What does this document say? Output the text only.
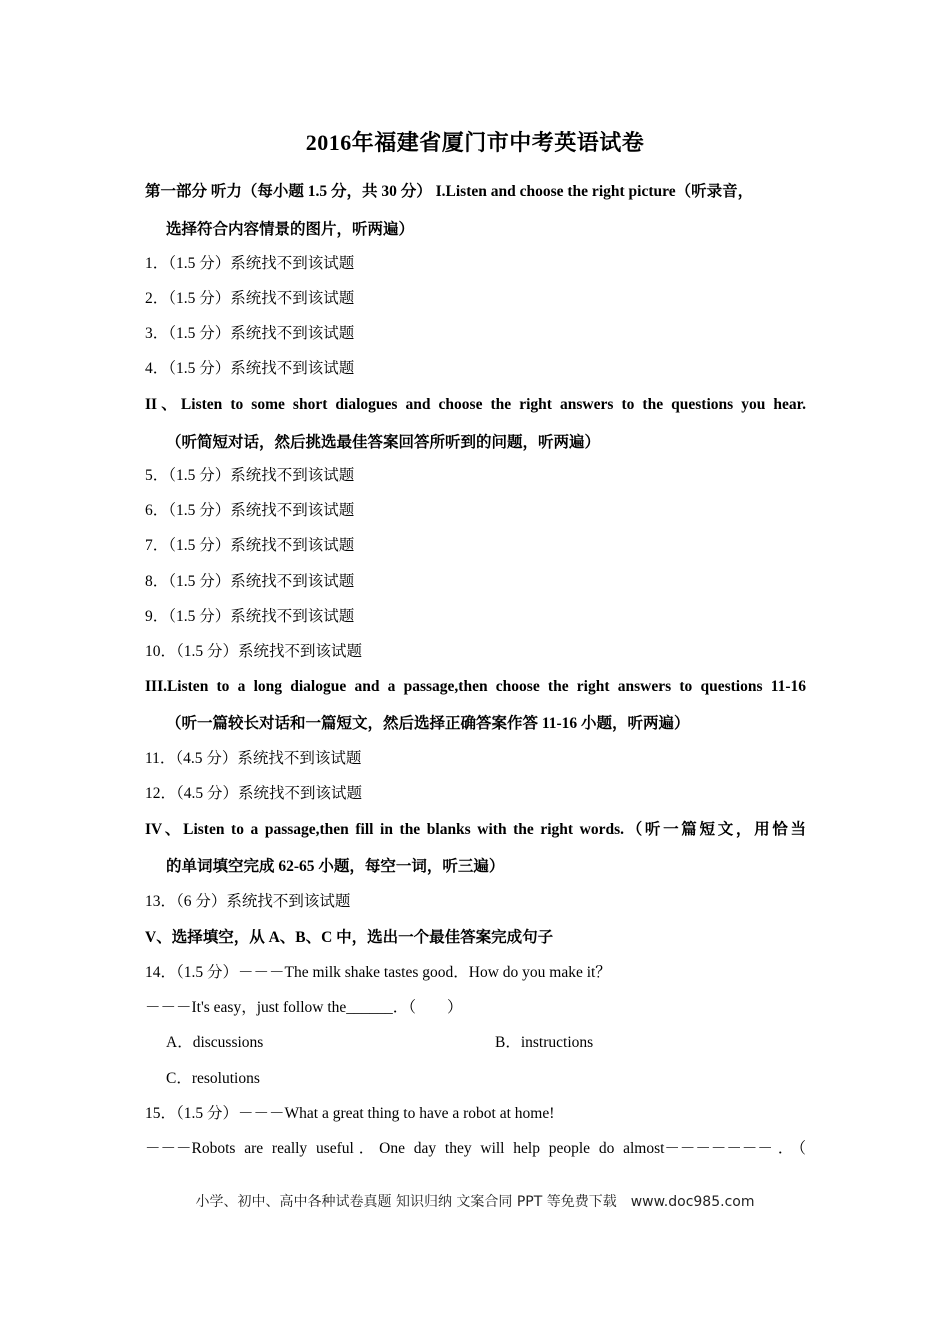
2016年福建省厦门市中考英语试卷
第一部分 听力（每小题 1.5 分，共 30 分） I.Listen and choose the right picture（听录音，
选择符合内容情景的图片，听两遍）
1．（1.5 分）系统找不到该试题
2．（1.5 分）系统找不到该试题
3．（1.5 分）系统找不到该试题
4．（1.5 分）系统找不到该试题
II、Listen to some short dialogues and choose the right answers to the questions you hear.
（听简短对话，然后挑选最佳答案回答所听到的问题，听两遍）
5．（1.5 分）系统找不到该试题
6．（1.5 分）系统找不到该试题
7．（1.5 分）系统找不到该试题
8．（1.5 分）系统找不到该试题
9．（1.5 分）系统找不到该试题
10．（1.5 分）系统找不到该试题
III.Listen to a long dialogue and a passage,then choose the right answers to questions 11-16
（听一篇较长对话和一篇短文，然后选择正确答案作答 11-16 小题，听两遍）
11．（4.5 分）系统找不到该试题
12．（4.5 分）系统找不到该试题
IV、Listen to a passage,then fill in the blanks with the right words.（听一篇短文，用恰当
的单词填空完成 62-65 小题，每空一词，听三遍）
13．（6 分）系统找不到该试题
V、选择填空，从 A、B、C 中，选出一个最佳答案完成句子
14．（1.5 分）－－－The milk shake tastes good．How do you make it？
－－－It's easy，just follow the______．（　　）
A．discussions	B．instructions
C．resolutions
15．（1.5 分）－－－What a great thing to have a robot at home!
－－－Robots are really useful．One day they will help people do almost－－－－－－－．（
小学、初中、高中各种试卷真题 知识归纳 文案合同 PPT 等免费下载　www.doc985.com
